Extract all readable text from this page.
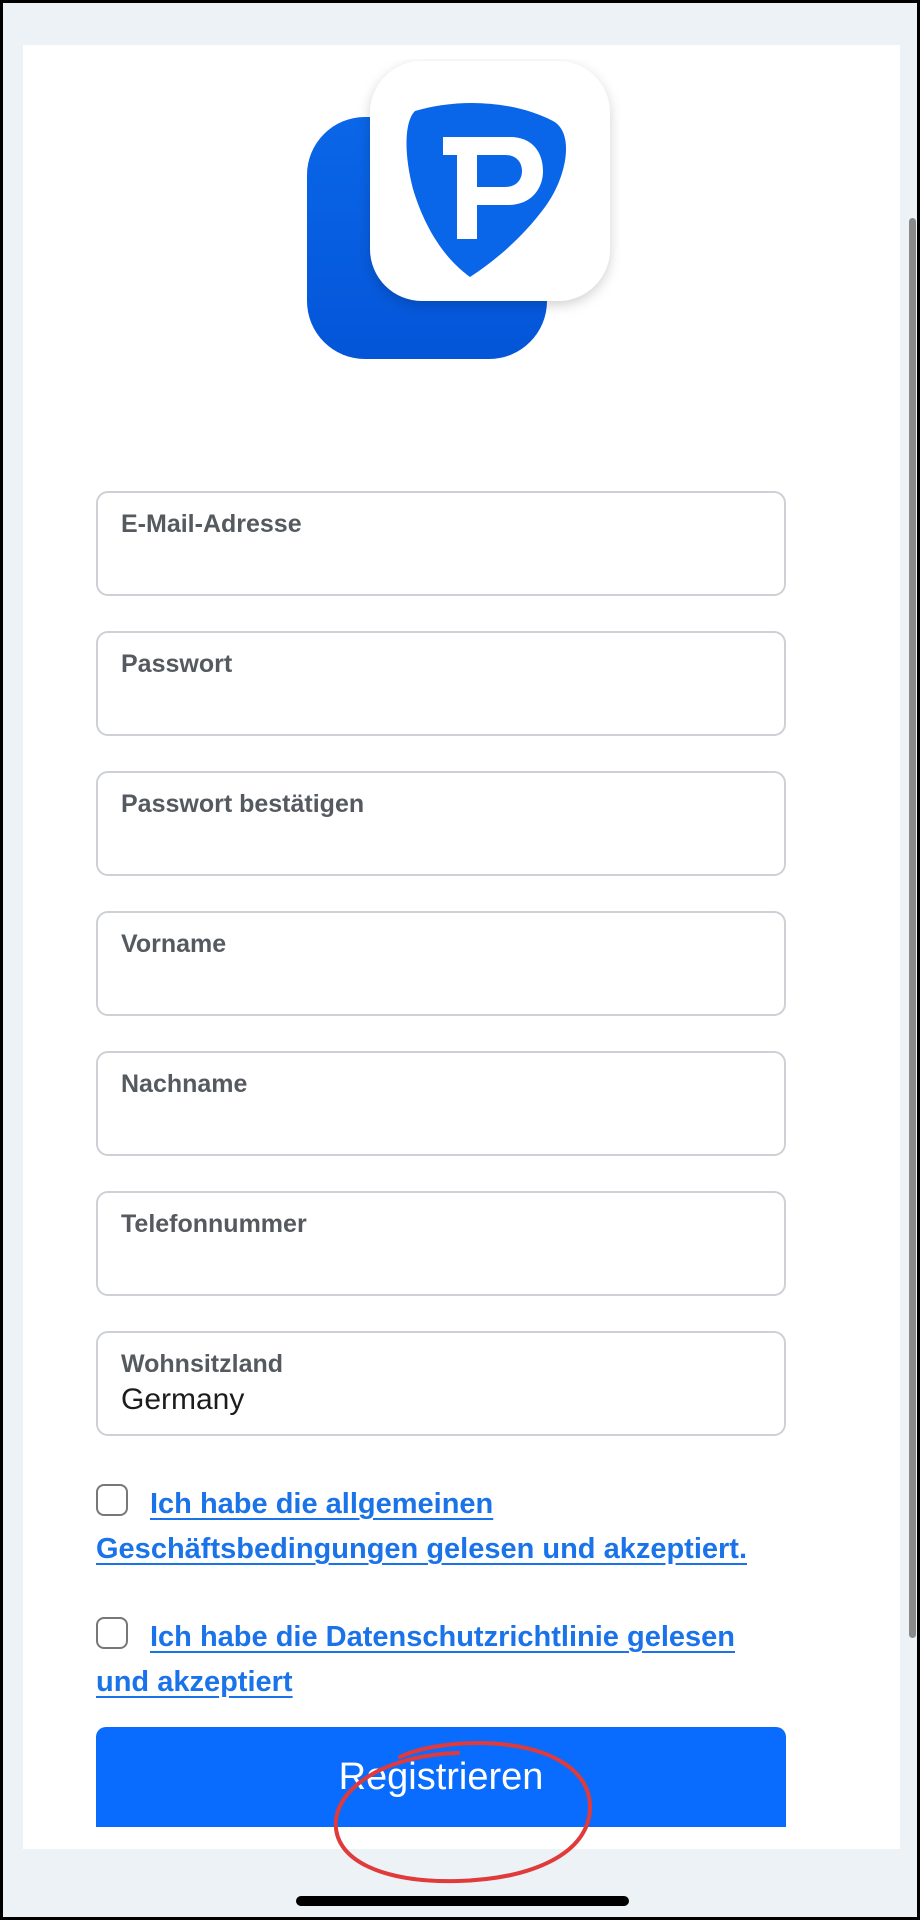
E-Mail-Adresse
Passwort
Passwort bestätigen
Vorname
Nachname
Telefonnummer
Wohnsitzland
Germany
Ich habe die allgemeinen Geschäftsbedingungen gelesen und akzeptiert.
Ich habe die Datenschutzrichtlinie gelesen und akzeptiert
Registrieren
